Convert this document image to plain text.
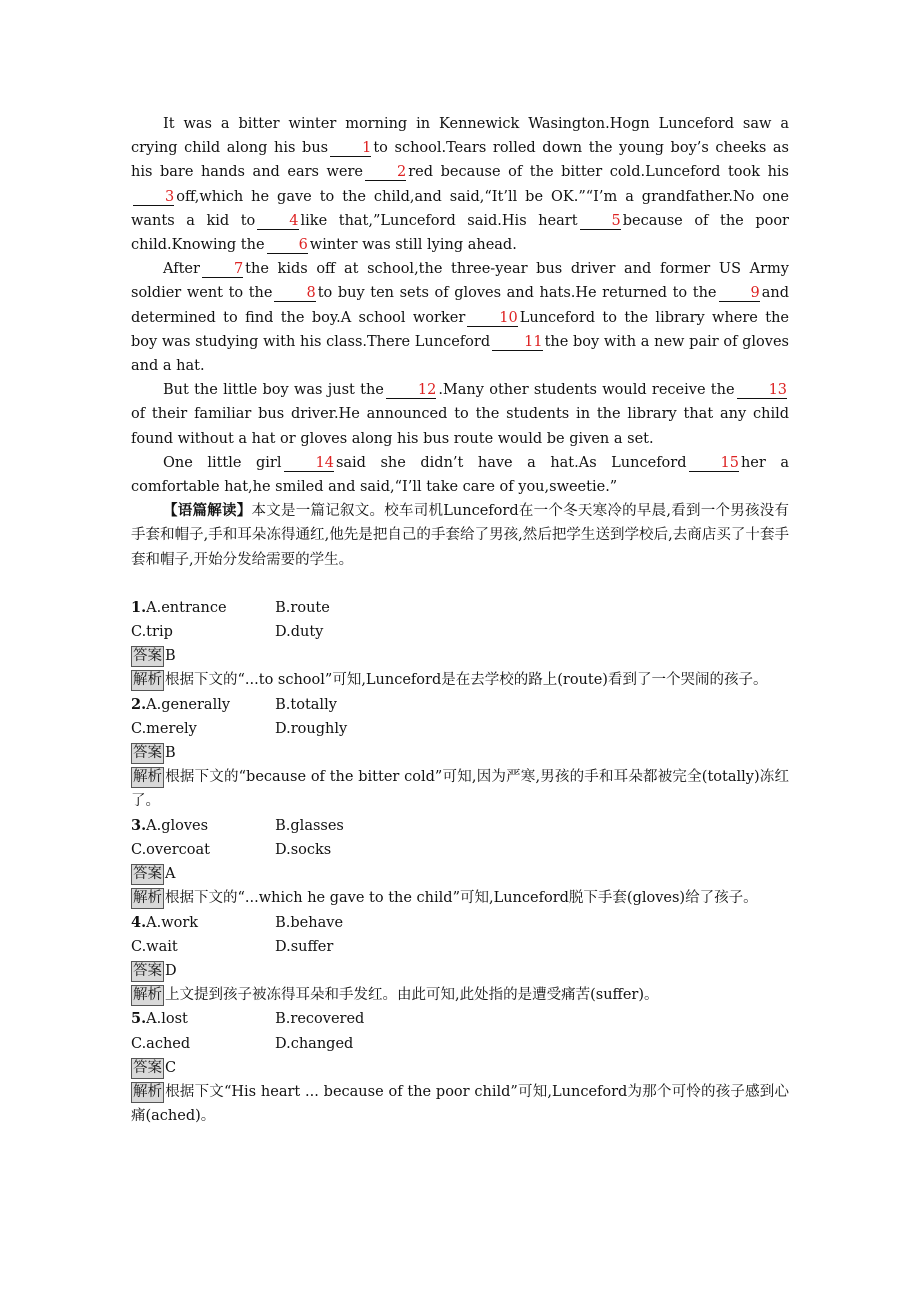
It was a bitter winter morning in Kennewick Wasington.Hogn Lunceford saw a crying child along his bus 1 to school.Tears rolled down the young boy’s cheeks as his bare hands and ears were 2 red because of the bitter cold.Lunceford took his3 off,which he gave to the child,and said,“It’ll be OK.”“I’m a grandfather.No one wants a kid to 4 like that,”Lunceford said.His heart 5 because of the poor child.Knowing the 6 winter was still lying ahead.

After 7 the kids off at school,the three-year bus driver and former US Army soldier went to the 8 to buy ten sets of gloves and hats.He returned to the 9 and determined to find the boy.A school worker 10 Lunceford to the library where the boy was studying with his class.There Lunceford 11 the boy with a new pair of gloves and a hat.

But the little boy was just the 12 .Many other students would receive the 13of their familiar bus driver.He announced to the students in the library that any child found without a hat or gloves along his bus route would be given a set.

One little girl 14 said she didn’t have a hat.As Lunceford 15 her a comfortable hat,he smiled and said,“I’ll take care of you,sweetie.”

【语篇解读】本文是一篇记叙文。校车司机Lunceford在一个冬天寒冷的早晨,看到一个男孩没有手套和帽子,手和耳朵冻得通红,他先是把自己的手套给了男孩,然后把学生送到学校后,去商店买了十套手套和帽子,开始分发给需要的学生。

1.A.entrance	B.route

C.trip	D.duty

答案 B

解析 根据下文的“...to school”可知,Lunceford是在去学校的路上(route)看到了一个哭闹的孩子。

2.A.generally	B.totally

C.merely	D.roughly

答案 B

解析 根据下文的“because of the bitter cold”可知,因为严寒,男孩的手和耳朵都被完全(totally)冻红了。

3.A.gloves	B.glasses

C.overcoat	D.socks

答案 A

解析 根据下文的“...which he gave to the child”可知,Lunceford脱下手套(gloves)给了孩子。

4.A.work	B.behave

C.wait	D.suffer

答案 D

解析 上文提到孩子被冻得耳朵和手发红。由此可知,此处指的是遭受痛苦(suffer)。

5.A.lost	B.recovered

C.ached	D.changed

答案 C

解析 根据下文“His heart ... because of the poor child”可知,Lunceford为那个可怜的孩子感到心痛(ached)。
